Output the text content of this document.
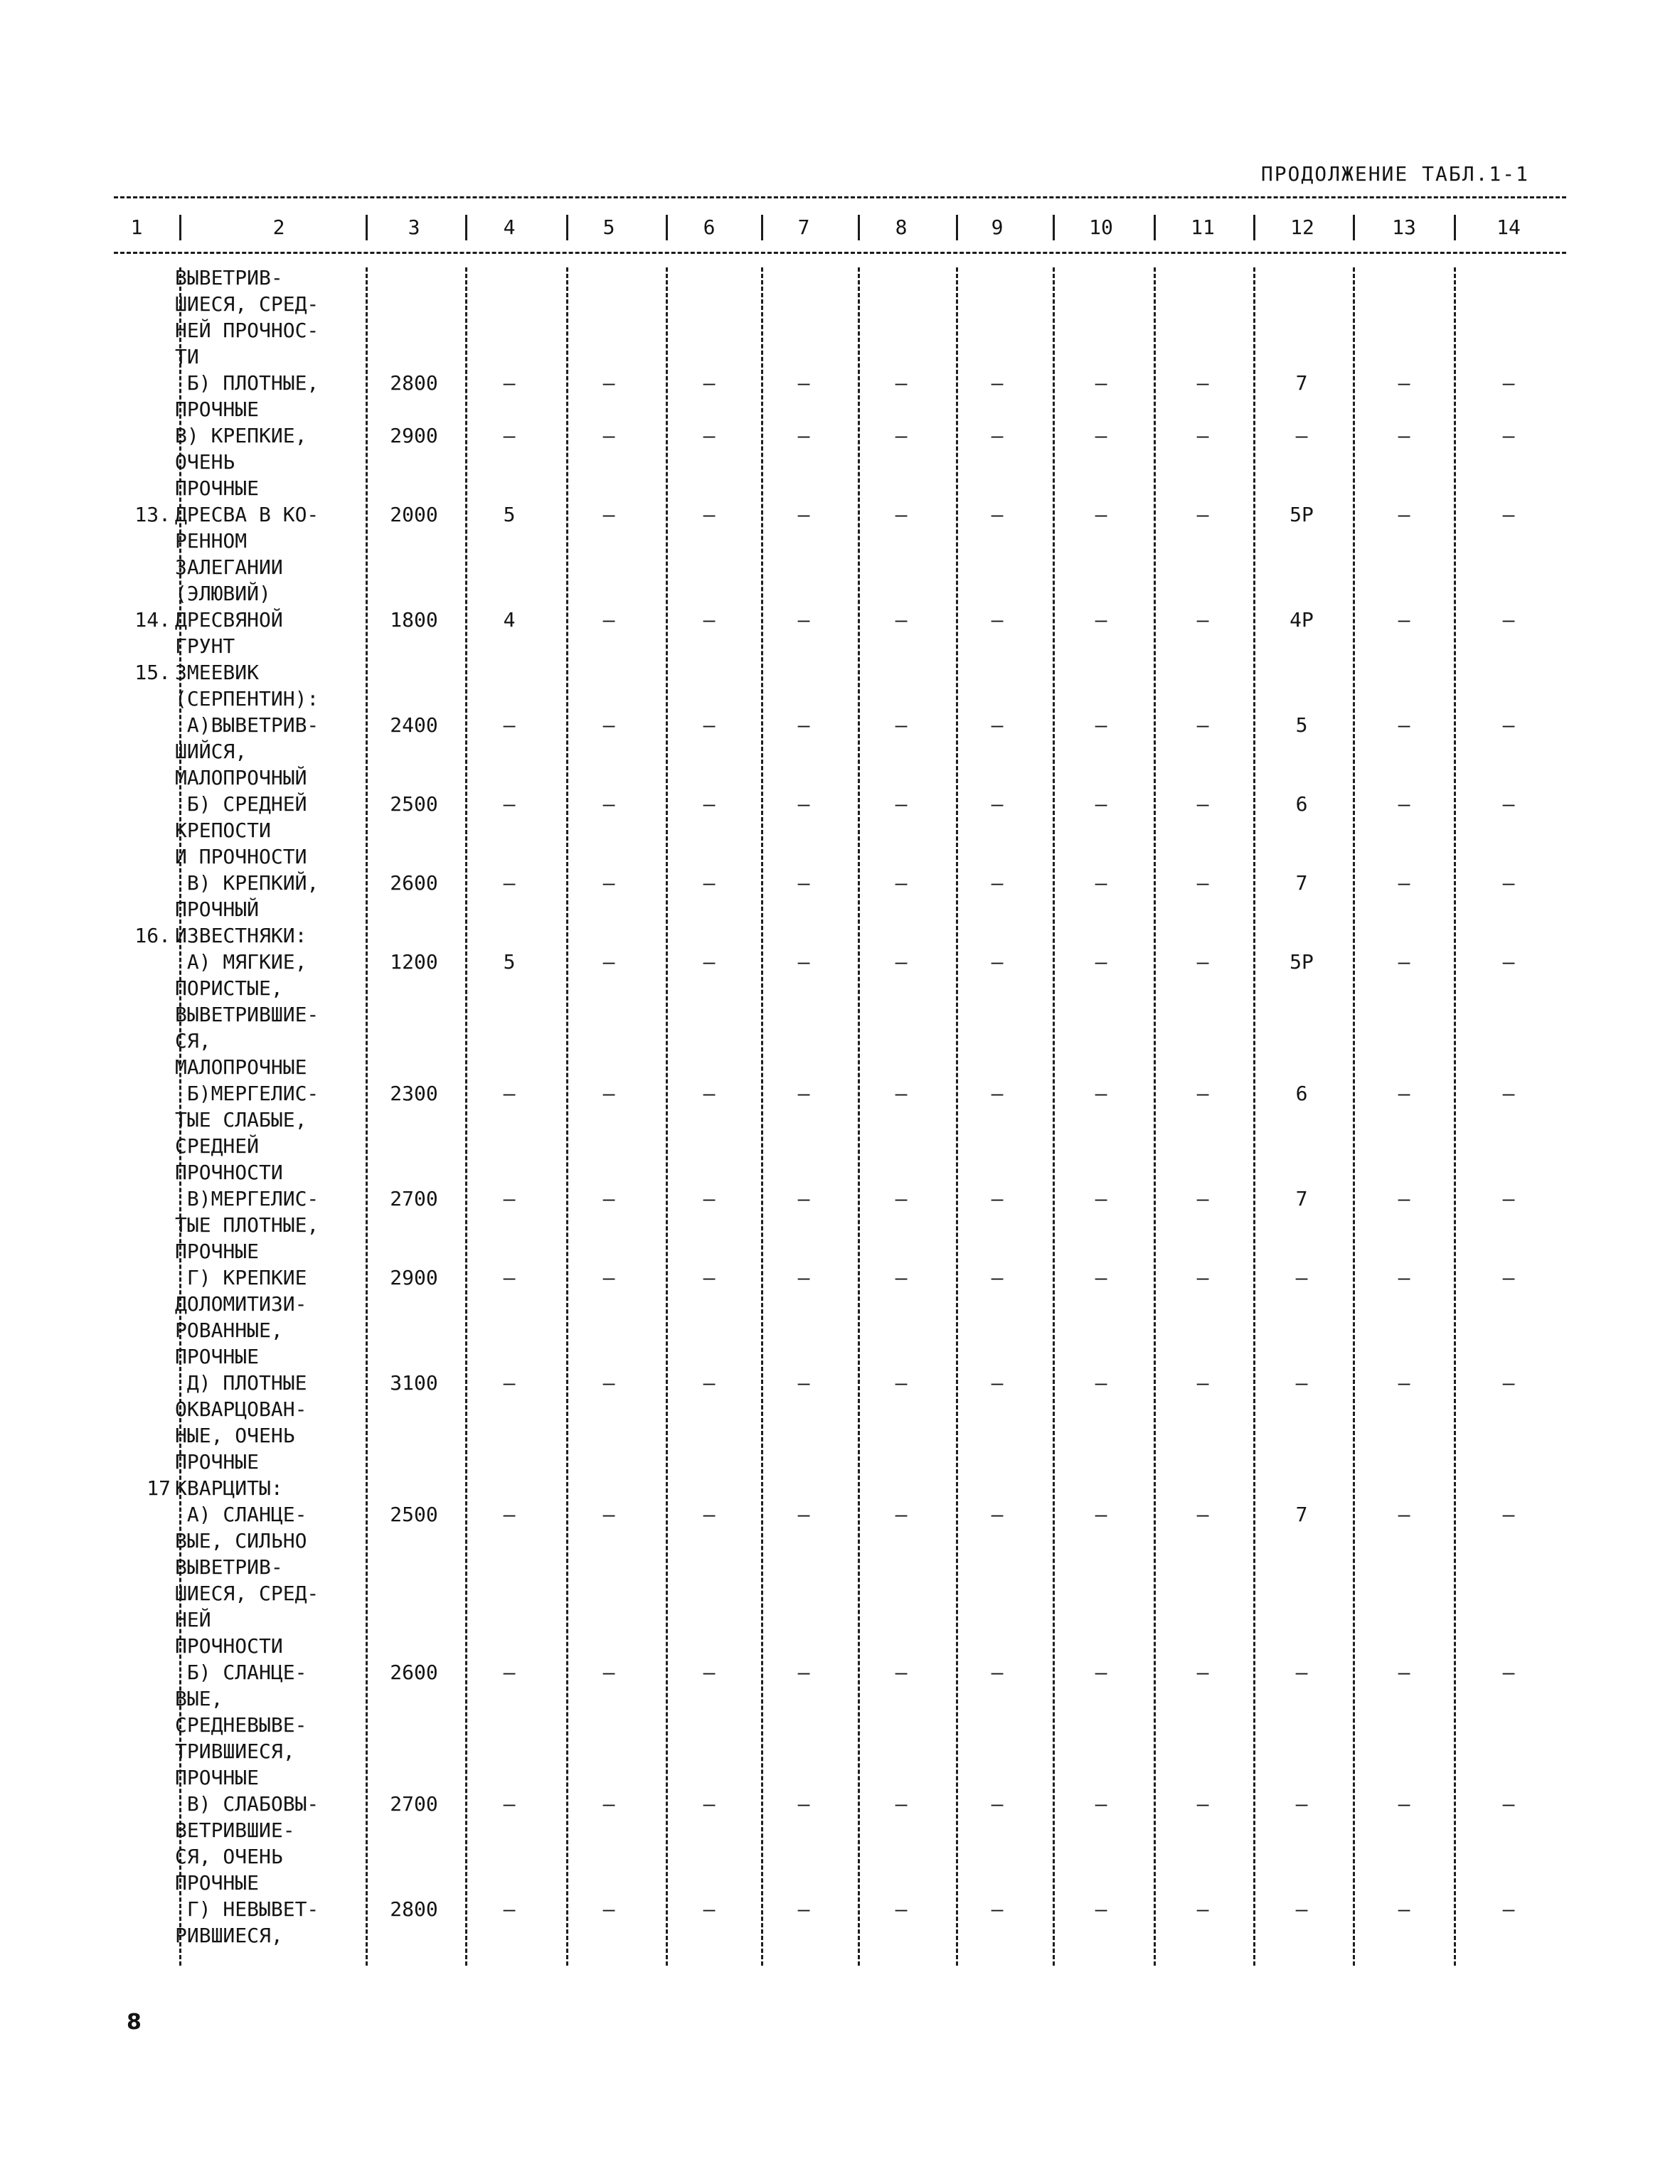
ПРОДОЛЖЕНИЕ ТАБЛ.1-1
1	2	3	4	5	6	7	8	9	10	11	12	13	14
ВЫВЕТРИВ-
ШИЕСЯ, СРЕД-
НЕЙ ПРОЧНОС-
ТИ
Б) ПЛОТНЫЕ,
ПРОЧНЫЕ
2800	–	–	–	–	–	–	–	–	7	–	–
В) КРЕПКИЕ,
ОЧЕНЬ
ПРОЧНЫЕ
2900	–	–	–	–	–	–	–	–	–	–	–
13. ДРЕСВА В КО-
РЕННОМ
ЗАЛЕГАНИИ
(ЭЛЮВИЙ)
2000	5	–	–	–	–	–	–	–	5Р	–	–
14. ДРЕСВЯНОЙ
ГРУНТ
1800	4	–	–	–	–	–	–	–	4Р	–	–
15. ЗМЕЕВИК
(СЕРПЕНТИН):
А)ВЫВЕТРИВ-
ШИЙСЯ,
МАЛОПРОЧНЫЙ
2400	–	–	–	–	–	–	–	–	5	–	–
Б) СРЕДНЕЙ
КРЕПОСТИ
И ПРОЧНОСТИ
2500	–	–	–	–	–	–	–	–	6	–	–
В) КРЕПКИЙ,
ПРОЧНЫЙ
2600	–	–	–	–	–	–	–	–	7	–	–
16. ИЗВЕСТНЯКИ:
А) МЯГКИЕ,
ПОРИСТЫЕ,
ВЫВЕТРИВШИЕ-
СЯ,
МАЛОПРОЧНЫЕ
1200	5	–	–	–	–	–	–	–	5Р	–	–
Б)МЕРГЕЛИС-
ТЫЕ СЛАБЫЕ,
СРЕДНЕЙ
ПРОЧНОСТИ
2300	–	–	–	–	–	–	–	–	6	–	–
В)МЕРГЕЛИС-
ТЫЕ ПЛОТНЫЕ,
ПРОЧНЫЕ
2700	–	–	–	–	–	–	–	–	7	–	–
Г) КРЕПКИЕ
ДОЛОМИТИЗИ-
РОВАННЫЕ,
ПРОЧНЫЕ
2900	–	–	–	–	–	–	–	–	–	–	–
Д) ПЛОТНЫЕ
ОКВАРЦОВАН-
НЫЕ, ОЧЕНЬ
ПРОЧНЫЕ
3100	–	–	–	–	–	–	–	–	–	–	–
17 КВАРЦИТЫ:
А) СЛАНЦЕ-
ВЫЕ, СИЛЬНО
ВЫВЕТРИВ-
ШИЕСЯ, СРЕД-
НЕЙ
ПРОЧНОСТИ
2500	–	–	–	–	–	–	–	–	7	–	–
Б) СЛАНЦЕ-
ВЫЕ,
СРЕДНЕВЫВЕ-
ТРИВШИЕСЯ,
ПРОЧНЫЕ
2600	–	–	–	–	–	–	–	–	–	–	–
В) СЛАБОВЫ-
ВЕТРИВШИЕ-
СЯ, ОЧЕНЬ
ПРОЧНЫЕ
2700	–	–	–	–	–	–	–	–	–	–	–
Г) НЕВЫВЕТ-
РИВШИЕСЯ,
2800	–	–	–	–	–	–	–	–	–	–	–
8
